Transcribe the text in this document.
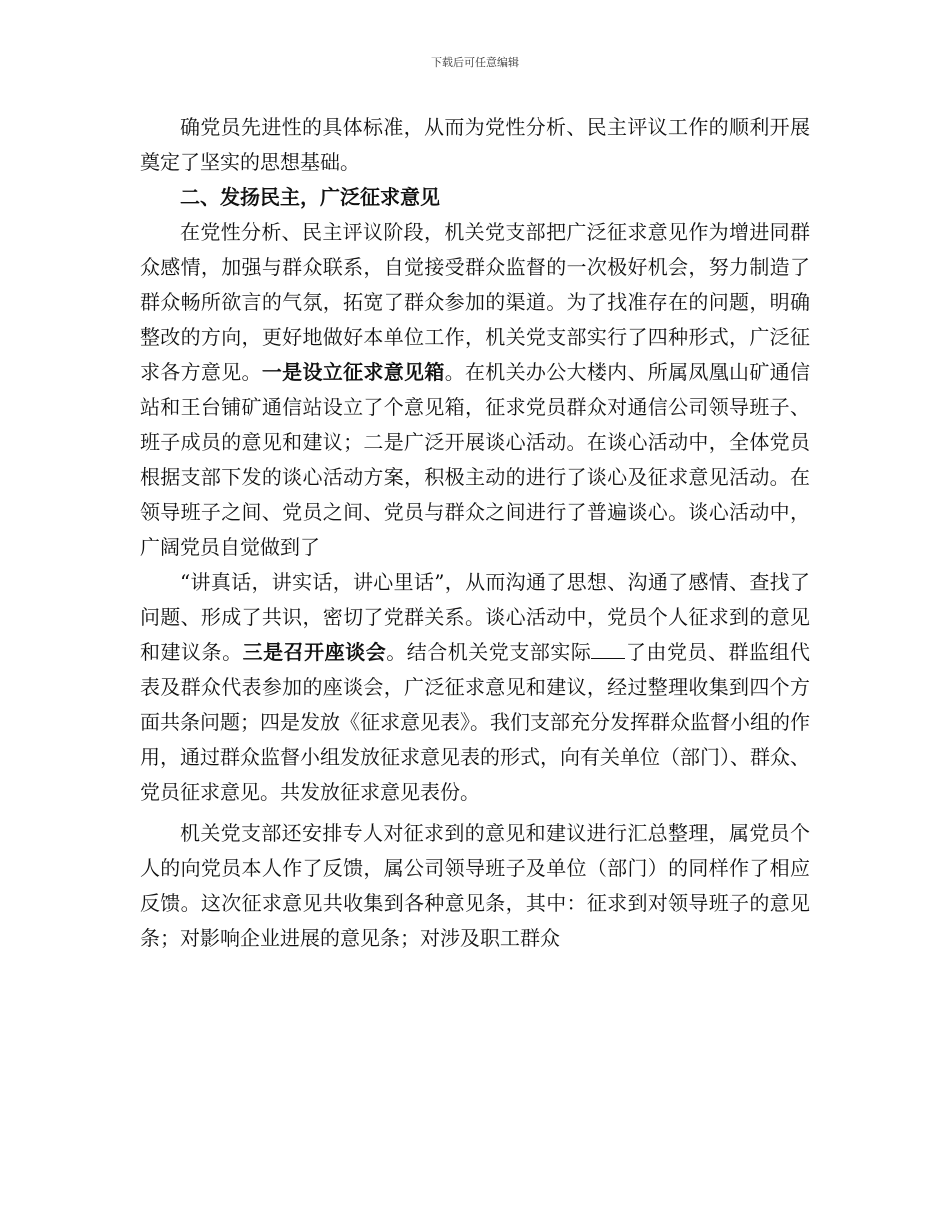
下载后可任意编辑

确党员先进性的具体标准，从而为党性分析、民主评议工作的顺利开展奠定了坚实的思想基础。

二、发扬民主，广泛征求意见

在党性分析、民主评议阶段，机关党支部把广泛征求意见作为增进同群众感情，加强与群众联系，自觉接受群众监督的一次极好机会，努力制造了群众畅所欲言的气氛，拓宽了群众参加的渠道。为了找准存在的问题，明确整改的方向，更好地做好本单位工作，机关党支部实行了四种形式，广泛征求各方意见。一是设立征求意见箱。在机关办公大楼内、所属凤凰山矿通信站和王台铺矿通信站设立了个意见箱，征求党员群众对通信公司领导班子、班子成员的意见和建议；二是广泛开展谈心活动。在谈心活动中，全体党员根据支部下发的谈心活动方案，积极主动的进行了谈心及征求意见活动。在领导班子之间、党员之间、党员与群众之间进行了普遍谈心。谈心活动中，广阔党员自觉做到了

“讲真话，讲实话，讲心里话”，从而沟通了思想、沟通了感情、查找了问题、形成了共识，密切了党群关系。谈心活动中，党员个人征求到的意见和建议条。三是召开座谈会。结合机关党支部实际 了由党员、群监组代表及群众代表参加的座谈会，广泛征求意见和建议，经过整理收集到四个方面共条问题；四是发放《征求意见表》。我们支部充分发挥群众监督小组的作用，通过群众监督小组发放征求意见表的形式，向有关单位（部门）、群众、党员征求意见。共发放征求意见表份。

机关党支部还安排专人对征求到的意见和建议进行汇总整理，属党员个人的向党员本人作了反馈，属公司领导班子及单位（部门）的同样作了相应反馈。这次征求意见共收集到各种意见条，其中：征求到对领导班子的意见条；对影响企业进展的意见条；对涉及职工群众
